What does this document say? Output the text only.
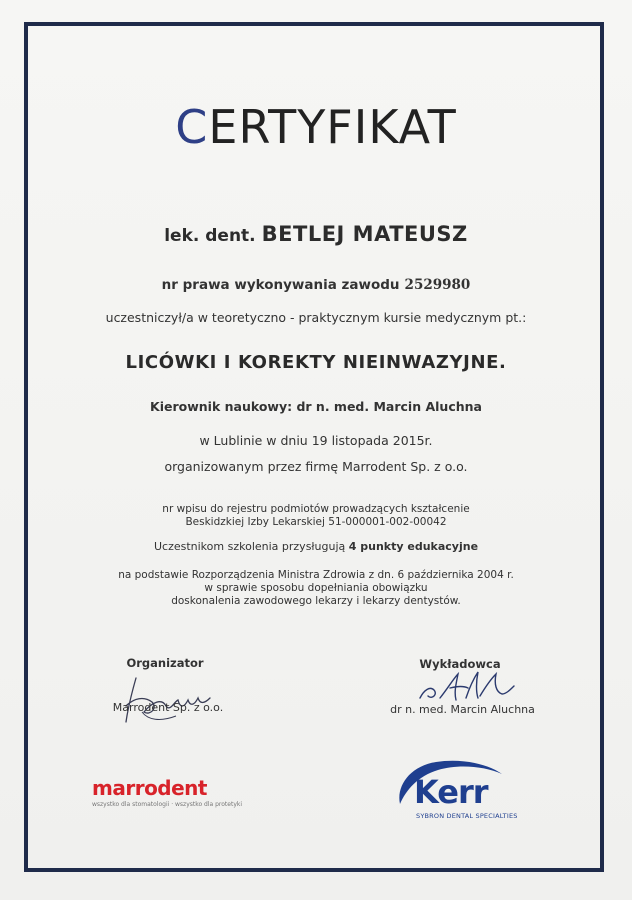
CERTYFIKAT
lek. dent. BETLEJ MATEUSZ
nr prawa wykonywania zawodu 2529980
uczestniczył/a w teoretyczno - praktycznym kursie medycznym pt.:
LICÓWKI I KOREKTY NIEINWAZYJNE.
Kierownik naukowy: dr n. med. Marcin Aluchna
w Lublinie w dniu 19 listopada 2015r.
organizowanym przez firmę Marrodent Sp. z o.o.
nr wpisu do rejestru podmiotów prowadzących kształcenie
Beskidzkiej Izby Lekarskiej 51-000001-002-00042
Uczestnikom szkolenia przysługują 4 punkty edukacyjne
na podstawie Rozporządzenia Ministra Zdrowia z dn. 6 października 2004 r.
w sprawie sposobu dopełniania obowiązku
doskonalenia zawodowego lekarzy i lekarzy dentystów.
Organizator
Marrodent Sp. z o.o.
Wykładowca
dr n. med. Marcin Aluchna
marrodent
wszystko dla stomatologii · wszystko dla protetyki	Kerr
SYBRON DENTAL SPECIALTIES
